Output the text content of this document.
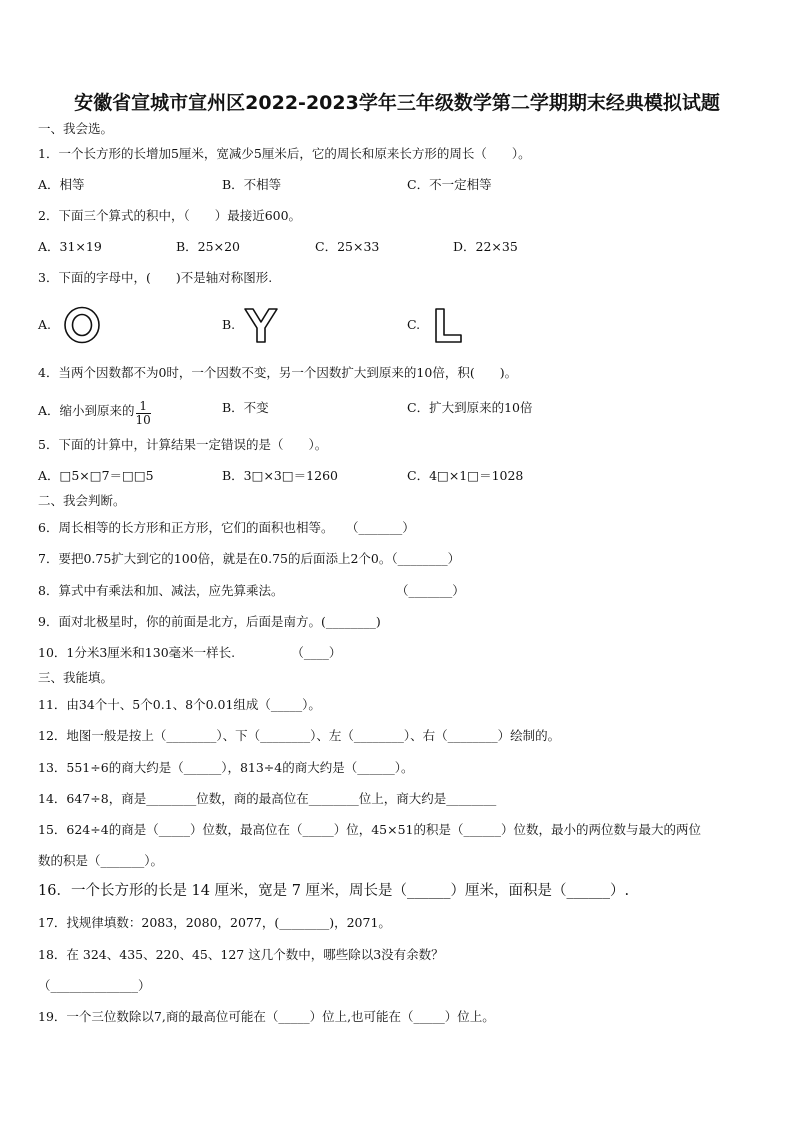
安徽省宣城市宣州区2022-2023学年三年级数学第二学期期末经典模拟试题
一、我会选。
1．一个长方形的长增加5厘米，宽减少5厘米后，它的周长和原来长方形的周长（　　）。
A．相等	B．不相等	C．不一定相等
2．下面三个算式的积中，（　　）最接近600。
A．31×19	B．25×20	C．25×33	D．22×35
3．下面的字母中，(　　)不是轴对称图形.
A.	B.	C.
4．当两个因数都不为0时，一个因数不变，另一个因数扩大到原来的10倍，积(　　)。
A．缩小到原来的 $\frac{1}{10}$	B．不变	C．扩大到原来的10倍
5．下面的计算中，计算结果一定错误的是（　　）。
A．□5×□7＝□□5	B．3□×3□＝1260	C．4□×1□＝1028
二、我会判断。
6．周长相等的长方形和正方形，它们的面积也相等。　　（_______）
7．要把0.75扩大到它的100倍，就是在0.75的后面添上2个0。（________）
8．算式中有乘法和加、减法，应先算乘法。　　　　　　　　　　（_______）
9．面对北极星时，你的前面是北方，后面是南方。(________)
10．1分米3厘米和130毫米一样长.　　　　　（____）
三、我能填。
11．由34个十、5个0.1、8个0.01组成（_____）。
12．地图一般是按上（________）、下（________）、左（________）、右（________）绘制的。
13．551÷6的商大约是（______），813÷4的商大约是（______）。
14．647÷8，商是________位数，商的最高位在________位上，商大约是________
15．624÷4的商是（_____）位数，最高位在（_____）位，45×51的积是（______）位数，最小的两位数与最大的两位
数的积是（_______）。
16．一个长方形的长是 14 厘米，宽是 7 厘米，周长是（______）厘米，面积是（______）.
17．找规律填数：2083，2080，2077，(________)，2071。
18．在 324、435、220、45、127 这几个数中，哪些除以3没有余数？
（______________）
19．一个三位数除以7,商的最高位可能在（_____）位上,也可能在（_____）位上。
